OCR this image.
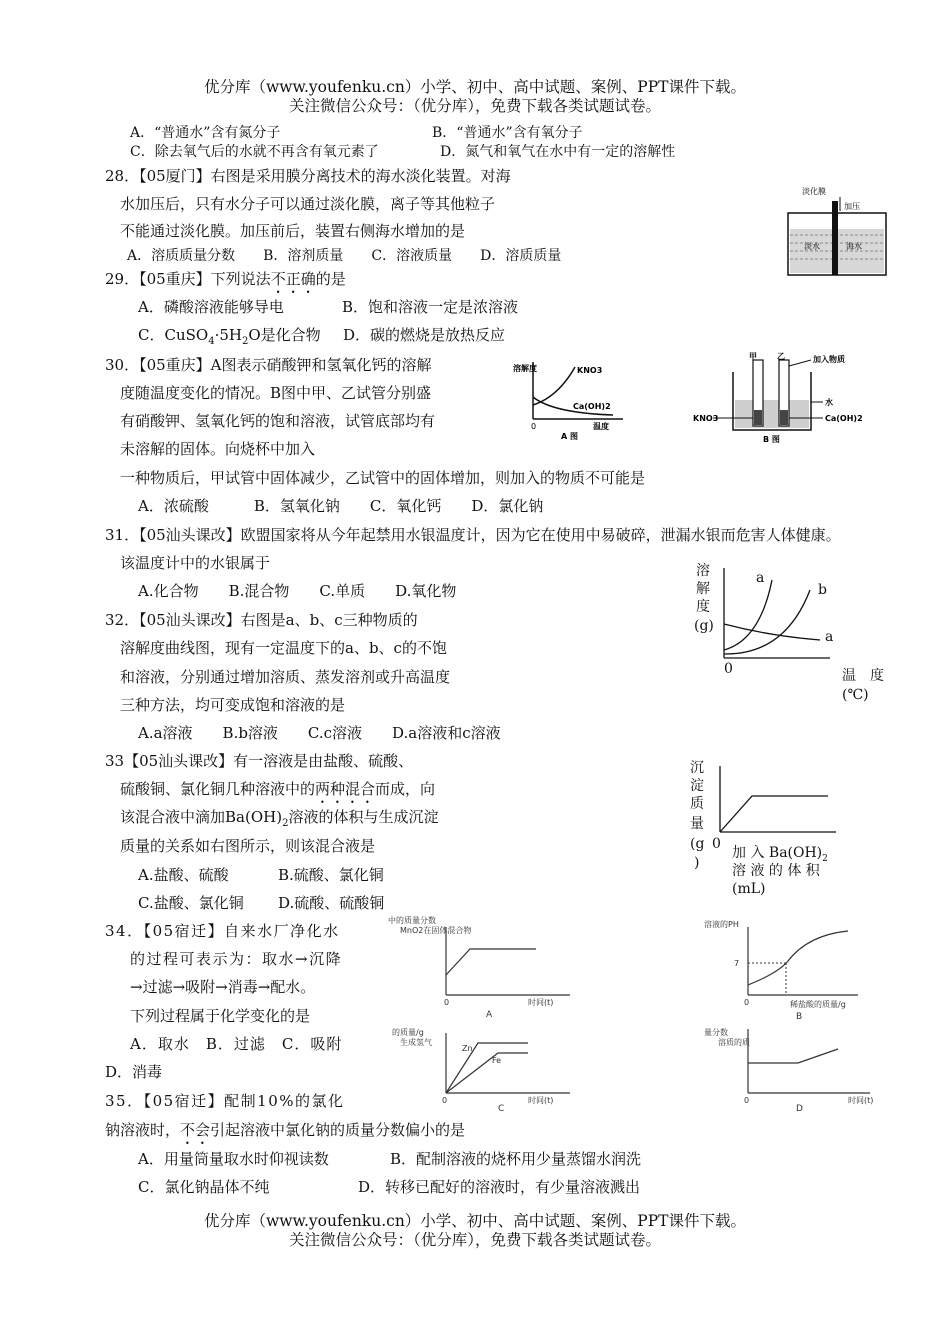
优分库（www.youfenku.cn）小学、初中、高中试题、案例、PPT课件下载。
关注微信公众号：（优分库），免费下载各类试题试卷。
A．“普通水”含有氮分子	B．“普通水”含有氧分子
C．除去氧气后的水就不再含有氧元素了	D．氮气和氧气在水中有一定的溶解性
28．【05厦门】右图是采用膜分离技术的海水淡化装置。对海
水加压后，只有水分子可以通过淡化膜，离子等其他粒子
不能通过淡化膜。加压前后，装置右侧海水增加的是
A．溶质质量分数　　B．溶剂质量　　C．溶液质量　　D．溶质质量
淡化膜
加压
淡水	海水
29．【05重庆】下列说法不正确的是
A．磷酸溶液能够导电	B．饱和溶液一定是浓溶液
C．$CuSO_4\cdot 5H_2O$是化合物 D．碳的燃烧是放热反应
30．【05重庆】A图表示硝酸钾和氢氧化钙的溶解
度随温度变化的情况。B图中甲、乙试管分别盛
有硝酸钾、氢氧化钙的饱和溶液，试管底部均有
未溶解的固体。向烧杯中加入
一种物质后，甲试管中固体减少，乙试管中的固体增加，则加入的物质不可能是
A．浓硫酸　　　B．氢氧化钠　　C．氧化钙　　D．氯化钠
溶解度	KNO3
Ca(OH)2
0	温度
A 图
甲	乙	加入物质
水
KNO3	Ca(OH)2
B 图
31．【05汕头课改】欧盟国家将从今年起禁用水银温度计，因为它在使用中易破碎，泄漏水银而危害人体健康。
该温度计中的水银属于
A.化合物　　B.混合物　　C.单质　　D.氧化物
32．【05汕头课改】右图是a、b、c三种物质的
溶解度曲线图，现有一定温度下的a、b、c的不饱
和溶液，分别通过增加溶质、蒸发溶剂或升高温度
三种方法，均可变成饱和溶液的是
A.a溶液　　B.b溶液　　C.c溶液　　D.a溶液和c溶液
溶
解
度
(g)
a
b
a
0	温　度
(℃)
33【05汕头课改】有一溶液是由盐酸、硫酸、
硫酸铜、氯化铜几种溶液中的两种混合而成，向
该混合液中滴加$Ba(OH)_2$溶液的体积与生成沉淀
质量的关系如右图所示，则该混合液是
A.盐酸、硫酸	B.硫酸、氯化铜
C.盐酸、氯化铜 D.硫酸、硫酸铜
沉
淀
质
量
(g
)
0
加 入 $Ba(OH)_2$
溶 液 的 体 积
(mL)
34．【05宿迁】自来水厂净化水
的过程可表示为：取水→沉降
→过滤→吸附→消毒→配水。
下列过程属于化学变化的是
A．取水　B．过滤　C．吸附
D．消毒
中的质量分数
MnO2在固体混合物
0	时间(t)
A
溶液的PH
7
0	稀盐酸的质量/g
B
的质量/g
生成氢气
Zn
Fe
0	时间(t)
C
量分数
溶质的质
0	时间(t)
D
35．【05宿迁】配制10%的氯化
钠溶液时，不会引起溶液中氯化钠的质量分数偏小的是
A．用量筒量取水时仰视读数	B．配制溶液的烧杯用少量蒸馏水润洗
C．氯化钠晶体不纯	D．转移已配好的溶液时，有少量溶液溅出
优分库（www.youfenku.cn）小学、初中、高中试题、案例、PPT课件下载。
关注微信公众号：（优分库），免费下载各类试题试卷。
